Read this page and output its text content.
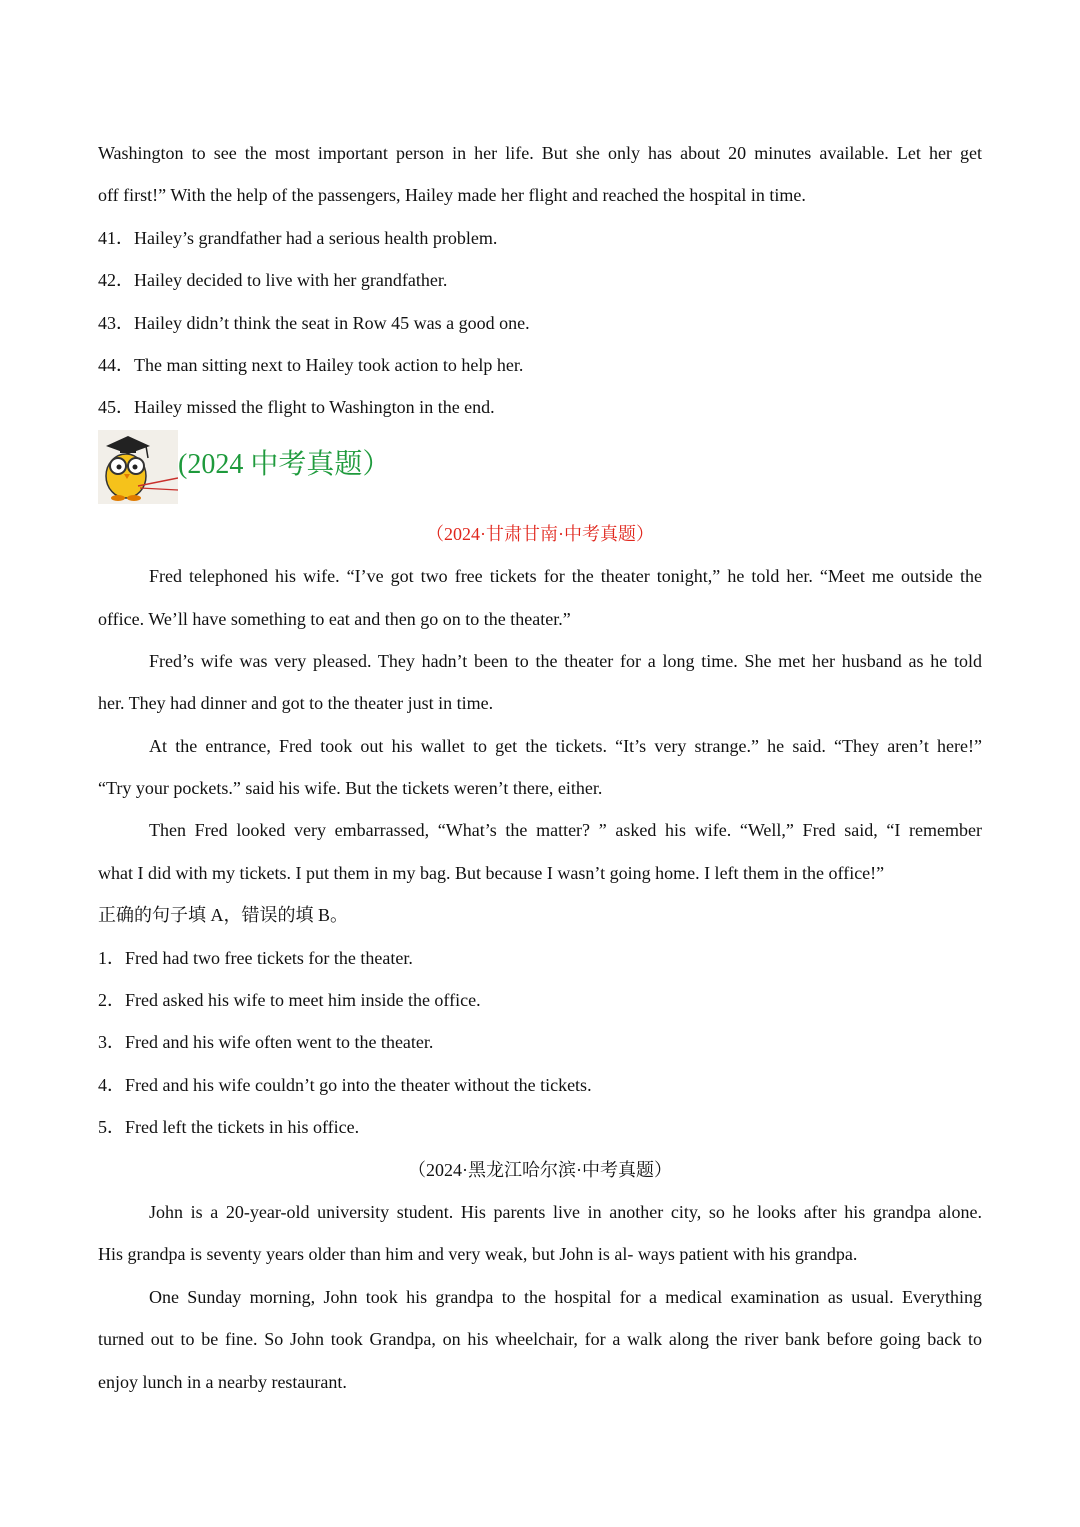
Washington to see the most important person in her life. But she only has about 20 minutes available. Let her get
off first!” With the help of the passengers, Hailey made her flight and reached the hospital in time.
41．Hailey’s grandfather had a serious health problem.
42．Hailey decided to live with her grandfather.
43．Hailey didn’t think the seat in Row 45 was a good one.
44．The man sitting next to Hailey took action to help her.
45．Hailey missed the flight to Washington in the end.
(2024 中考真题）
（2024·甘肃甘南·中考真题）
Fred telephoned his wife. “I’ve got two free tickets for the theater tonight,” he told her. “Meet me outside the
office. We’ll have something to eat and then go on to the theater.”
Fred’s wife was very pleased. They hadn’t been to the theater for a long time. She met her husband as he told
her. They had dinner and got to the theater just in time.
At the entrance, Fred took out his wallet to get the tickets. “It’s very strange.” he said. “They aren’t here!”
“Try your pockets.” said his wife. But the tickets weren’t there, either.
Then Fred looked very embarrassed, “What’s the matter? ” asked his wife. “Well,” Fred said, “I remember
what I did with my tickets. I put them in my bag. But because I wasn’t going home. I left them in the office!”
正确的句子填 A，错误的填 B。
1．Fred had two free tickets for the theater.
2．Fred asked his wife to meet him inside the office.
3．Fred and his wife often went to the theater.
4．Fred and his wife couldn’t go into the theater without the tickets.
5．Fred left the tickets in his office.
（2024·黑龙江哈尔滨·中考真题）
John is a 20-year-old university student. His parents live in another city, so he looks after his grandpa alone.
His grandpa is seventy years older than him and very weak, but John is al- ways patient with his grandpa.
One Sunday morning, John took his grandpa to the hospital for a medical examination as usual. Everything
turned out to be fine. So John took Grandpa, on his wheelchair, for a walk along the river bank before going back to
enjoy lunch in a nearby restaurant.
